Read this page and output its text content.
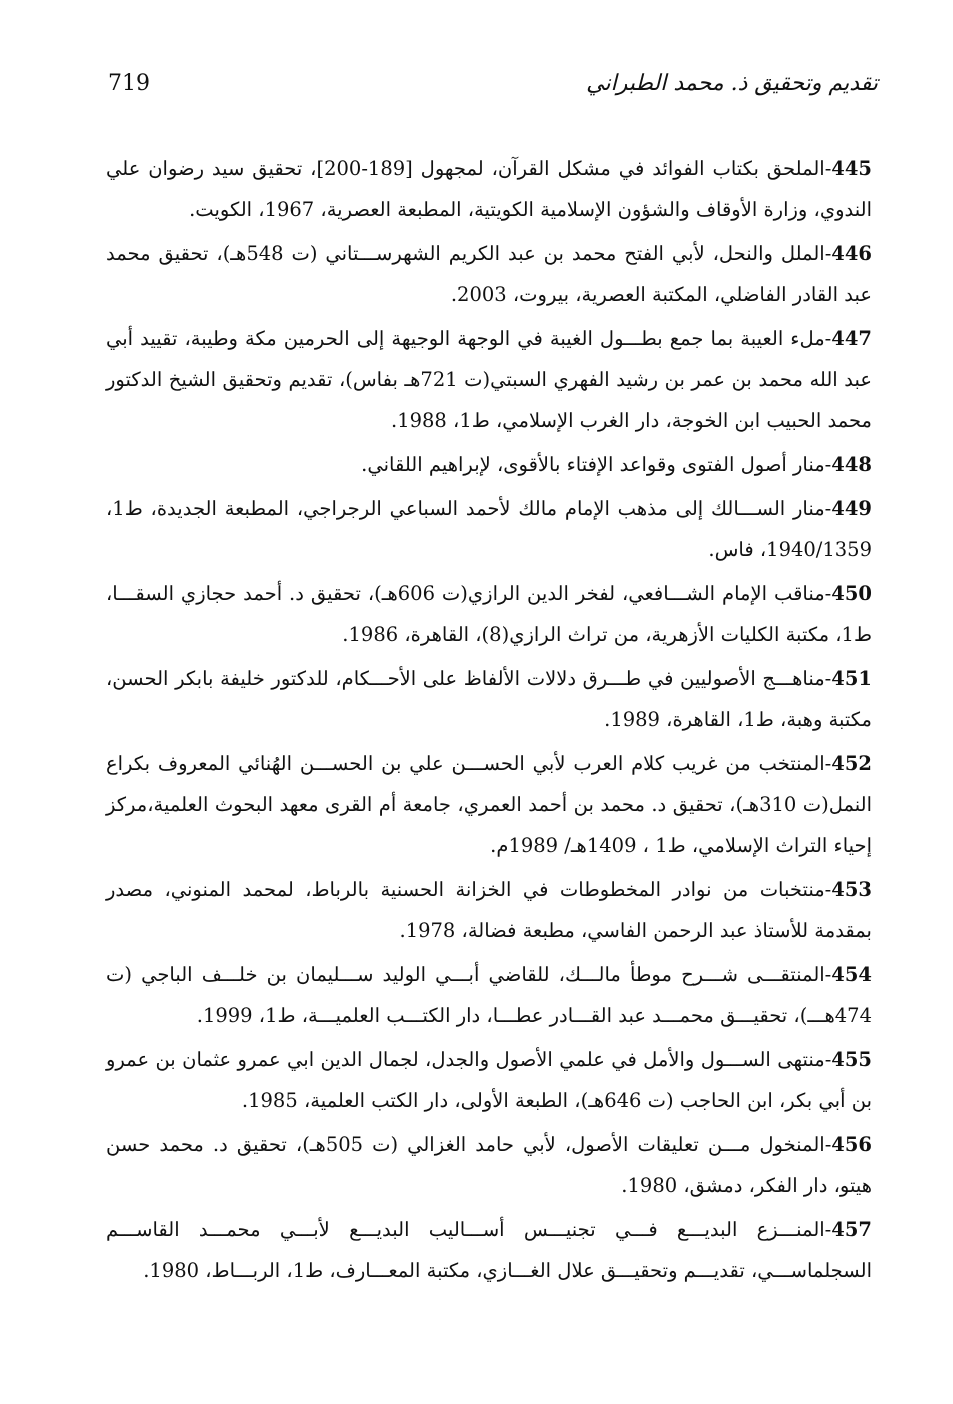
تقديم وتحقيق ذ. محمد الطبراني
719

445-الملحق بكتاب الفوائد في مشكل القرآن، لمجهول [189-200]، تحقيق سيد رضوان علي الندوي، وزارة الأوقاف والشؤون الإسلامية الكويتية، المطبعة العصرية، 1967، الكويت.

446-الملل والنحل، لأبي الفتح محمد بن عبد الكريم الشهرســـتاني (ت 548هـ)، تحقيق محمد عبد القادر الفاضلي، المكتبة العصرية، بيروت، 2003.

447-ملء العيبة بما جمع بطـــول الغيبة في الوجهة الوجيهة إلى الحرمين مكة وطيبة، تقييد أبي عبد الله محمد بن عمر بن رشيد الفهري السبتي(ت 721هـ بفاس)، تقديم وتحقيق الشيخ الدكتور محمد الحبيب ابن الخوجة، دار الغرب الإسلامي، ط1، 1988.

448-منار أصول الفتوى وقواعد الإفتاء بالأقوى، لإبراهيم اللقاني.

449-منار الســـالك إلى مذهب الإمام مالك لأحمد السباعي الرجراجي، المطبعة الجديدة، ط1، 1940/1359، فاس.

450-مناقب الإمام الشـــافعي، لفخر الدين الرازي(ت 606هـ)، تحقيق د. أحمد حجازي السقـــا، ط1، مكتبة الكليات الأزهرية، من تراث الرازي(8)، القاهرة، 1986.

451-مناهـــج الأصوليين في طـــرق دلالات الألفاظ على الأحـــكام، للدكتور خليفة بابكر الحسن، مكتبة وهبة، ط1، القاهرة، 1989.

452-المنتخب من غريب كلام العرب لأبي الحســـن علي بن الحســـن الهُنائي المعروف بكراع النمل(ت 310هـ)، تحقيق د. محمد بن أحمد العمري، جامعة أم القرى معهد البحوث العلمية،مركز إحياء التراث الإسلامي، ط1 ، 1409هـ/ 1989م.

453-منتخبات من نوادر المخطوطات في الخزانة الحسنية بالرباط، لمحمد المنوني، مصدر بمقدمة للأستاذ عبد الرحمن الفاسي، مطبعة فضالة، 1978.

454-المنتقـــى شـــرح موطأ مالـــك، للقاضي أبـــي الوليد ســـليمان بن خلـــف الباجي (ت 474هـــ)، تحقيـــق محمـــد عبد القـــادر عطـــا، دار الكتـــب العلميـــة، ط1، 1999.

455-منتهى الســـول والأمل في علمي الأصول والجدل، لجمال الدين ابي عمرو عثمان بن عمرو بن أبي بكر، ابن الحاجب (ت 646هـ)، الطبعة الأولى، دار الكتب العلمية، 1985.

456-المنخول مـــن تعليقات الأصول، لأبي حامد الغزالي (ت 505هـ)، تحقيق د. محمد حسن هيتو، دار الفكر، دمشق، 1980.

457-المنـــزع البديـــع فـــي تجنيـــس أســـاليب البديـــع لأبـــي محمـــد القاســـم السجلماســـي، تقديـــم وتحقيـــق علال الغـــازي، مكتبة المعـــارف، ط1، الربـــاط، 1980.
